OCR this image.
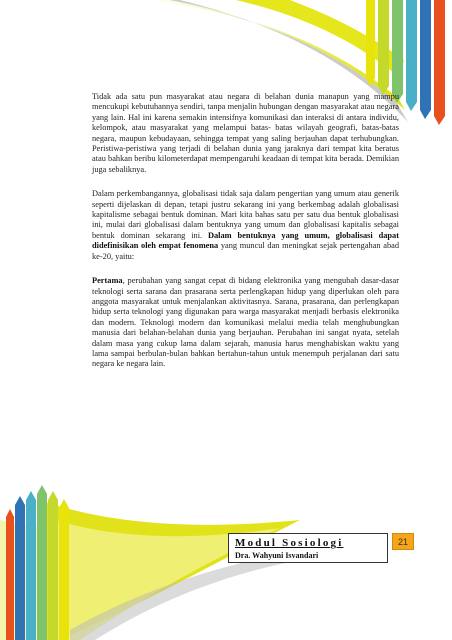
Tidak ada satu pun masyarakat atau negara di belahan dunia manapun yang mampu mencukupi kebutuhannya sendiri, tanpa menjalin hubungan dengan masyarakat atau negara yang lain. Hal ini karena semakin intensifnya komunikasi dan interaksi di antara individu, kelompok, atau masyarakat yang melampui batas- batas wilayah geografi, batas-batas negara, maupun kebudayaan, sehingga tempat yang saling berjauhan dapat terhubungkan. Peristiwa-peristiwa yang terjadi di belahan dunia yang jaraknya dari tempat kita beratus atau bahkan beribu kilometerdapat mempengaruhi keadaan di tempat kita berada. Demikian juga sebaliknya.

Dalam perkembangannya, globalisasi tidak saja dalam pengertian yang umum atau generik seperti dijelaskan di depan, tetapi justru sekarang ini yang berkembag adalah globalisasi kapitalisme sebagai bentuk dominan. Mari kita bahas satu per satu dua bentuk globalisasi ini, mulai dari globalisasi dalam bentuknya yang umum dan globalisasi kapitalis sebagai bentuk dominan sekarang ini. Dalam bentuknya yang umum, globalisasi dapat didefinisikan oleh empat fenomena yang muncul dan meningkat sejak pertengahan abad ke-20, yaitu:

Pertama, perubahan yang sangat cepat di bidang elektronika yang mengubah dasar-dasar teknologi serta sarana dan prasarana serta perlengkapan hidup yang diperlukan oleh para anggota masyarakat untuk menjalankan aktivitasnya. Sarana, prasarana, dan perlengkapan hidup serta teknologi yang digunakan para warga masyarakat menjadi berbasis elektronika dan modern. Teknologi modern dan komunikasi melalui media telah menghubungkan manusia dari belahan-belahan dunia yang berjauhan. Perubahan ini sangat nyata, setelah dalam masa yang cukup lama dalam sejarah, manusia harus menghabiskan waktu yang lama sampai berbulan-bulan bahkan bertahun-tahun untuk menempuh perjalanan dari satu negara ke negara lain.

Modul Sosiologi
Dra. Wahyuni Isvandari
21
